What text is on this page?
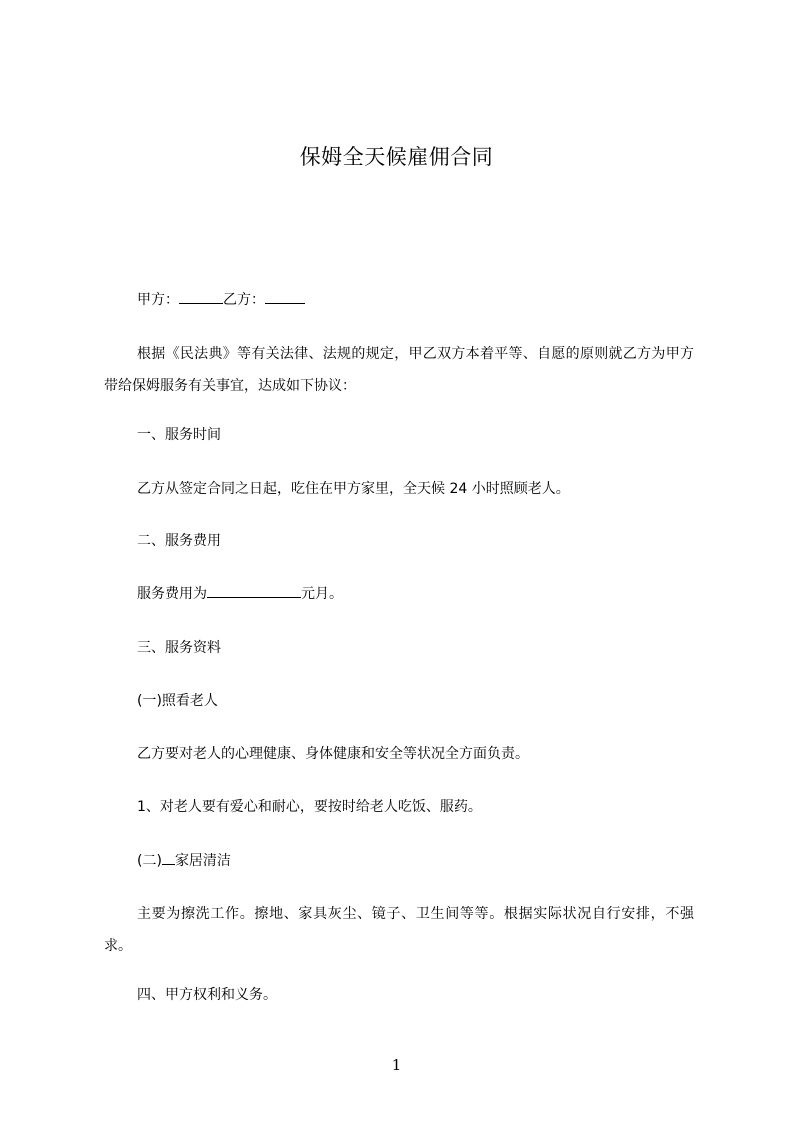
保姆全天候雇佣合同
甲方：	乙方：
根据《民法典》等有关法律、法规的规定，甲乙双方本着平等、自愿的原则就乙方为甲方带给保姆服务有关事宜，达成如下协议：
一、服务时间
乙方从签定合同之日起，吃住在甲方家里，全天候 24 小时照顾老人。
二、服务费用
服务费用为	元月。
三、服务资料
(一)照看老人
乙方要对老人的心理健康、身体健康和安全等状况全方面负责。
1、对老人要有爱心和耐心，要按时给老人吃饭、服药。
(二) 家居清洁
主要为擦洗工作。擦地、家具灰尘、镜子、卫生间等等。根据实际状况自行安排，不强求。
四、甲方权利和义务。
1
